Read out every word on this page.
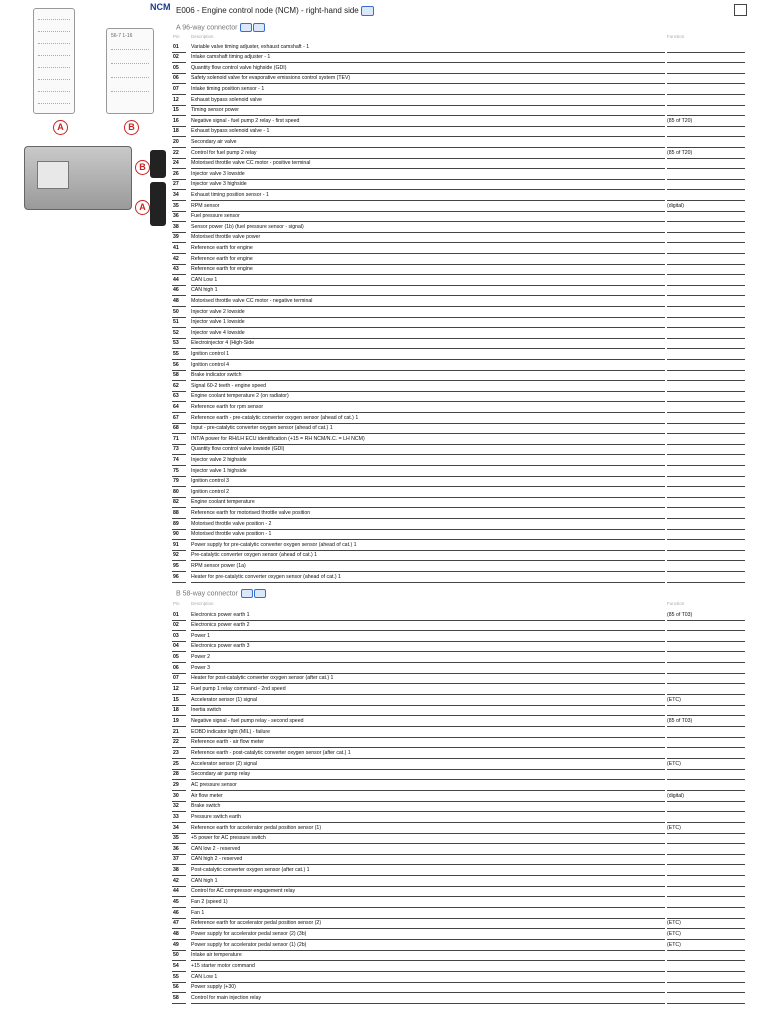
NCM
56-7 1-16
A	B
B
A
E006 - Engine control node (NCM) - right-hand side
A 96-way connector
Pin	Description	Function
01	Variable valve timing adjuster, exhaust camshaft - 1
02	Intake camshaft timing adjuster - 1
05	Quantity flow control valve highside (GDI)
06	Safety solenoid valve for evaporative emissions control system (TEV)
07	Intake timing position sensor - 1
12	Exhaust bypass solenoid valve
15	Timing sensor power
16	Negative signal - fuel pump 2 relay - first speed	(85 of T20)
18	Exhaust bypass solenoid valve - 1
20	Secondary air valve
22	Control for fuel pump 2 relay	(85 of T20)
24	Motorised throttle valve CC motor - positive terminal
26	Injector valve 3 lowside
27	Injector valve 3 highside
34	Exhaust timing position sensor - 1
35	RPM sensor	(digital)
36	Fuel pressure sensor
38	Sensor power (1b) (fuel pressure sensor - signal)
39	Motorised throttle valve power
41	Reference earth for engine
42	Reference earth for engine
43	Reference earth for engine
44	CAN Low 1
46	CAN high 1
48	Motorised throttle valve CC motor - negative terminal
50	Injector valve 2 lowside
51	Injector valve 1 lowside
52	Injector valve 4 lowside
53	Electroinjector 4 (High-Side
55	Ignition control 1
56	Ignition control 4
58	Brake indicator switch
62	Signal 60-2 teeth - engine speed
63	Engine coolant temperature 2 (on radiator)
64	Reference earth for rpm sensor
67	Reference earth - pre-catalytic converter oxygen sensor (ahead of cat.) 1
68	Input - pre-catalytic converter oxygen sensor (ahead of cat.) 1
71	INT/A power for RH/LH ECU identification (+15 = RH NCM/N.C. = LH NCM)
73	Quantity flow control valve lowside (GDI)
74	Injector valve 2 highside
75	Injector valve 1 highside
79	Ignition control 3
80	Ignition control 2
82	Engine coolant temperature
88	Reference earth for motorised throttle valve position
89	Motorised throttle valve position - 2
90	Motorised throttle valve position - 1
91	Power supply for pre-catalytic converter oxygen sensor (ahead of cat.) 1
92	Pre-catalytic converter oxygen sensor (ahead of cat.) 1
95	RPM sensor power (1a)
96	Heater for pre-catalytic converter oxygen sensor (ahead of cat.) 1
B 58-way connector
Pin	Description	Function
01	Electronics power earth 1	(85 of T03)
02	Electronics power earth 2
03	Power 1
04	Electronics power earth 3
05	Power 2
06	Power 3
07	Heater for post-catalytic converter oxygen sensor (after cat.) 1
12	Fuel pump 1 relay command - 2nd speed
15	Accelerator sensor (1) signal	(ETC)
18	Inertia switch
19	Negative signal - fuel pump relay - second speed	(85 of T03)
21	EOBD indicator light (MIL) - failure
22	Reference earth - air flow meter
23	Reference earth - post-catalytic converter oxygen sensor (after cat.) 1
25	Accelerator sensor (2) signal	(ETC)
28	Secondary air pump relay
29	AC pressure sensor
30	Air flow meter	(digital)
32	Brake switch
33	Pressure switch earth
34	Reference earth for accelerator pedal position sensor (1)	(ETC)
35	+5 power for AC pressure switch
36	CAN low 2 - reserved
37	CAN high 2 - reserved
38	Post-catalytic converter oxygen sensor (after cat.) 1
42	CAN high 1
44	Control for AC compressor engagement relay
45	Fan 2 (speed 1)
46	Fan 1
47	Reference earth for accelerator pedal position sensor (2)	(ETC)
48	Power supply for accelerator pedal sensor (2) (3b)	(ETC)
49	Power supply for accelerator pedal sensor (1) (2b)	(ETC)
50	Intake air temperature
54	+15 starter motor command
55	CAN Low 1
56	Power supply (+30)
58	Control for main injection relay
